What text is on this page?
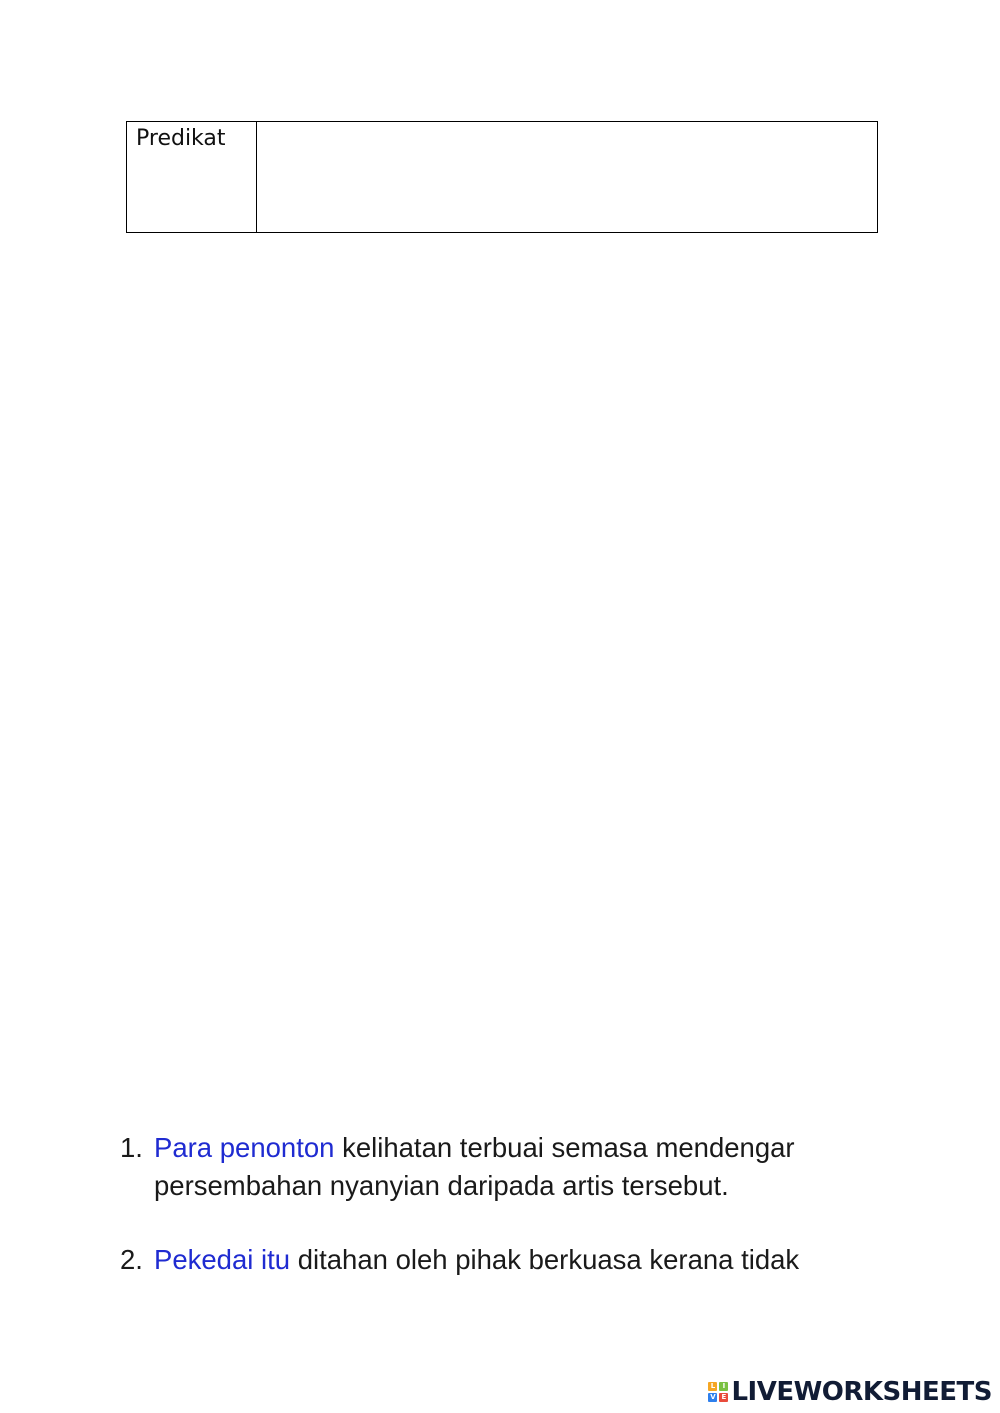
Predikat	
1. Para penonton kelihatan terbuai semasa mendengar
persembahan nyanyian daripada artis tersebut.
2. Pekedai itu ditahan oleh pihak berkuasa kerana tidak
L	I
V E LIVEWORKSHEETS
